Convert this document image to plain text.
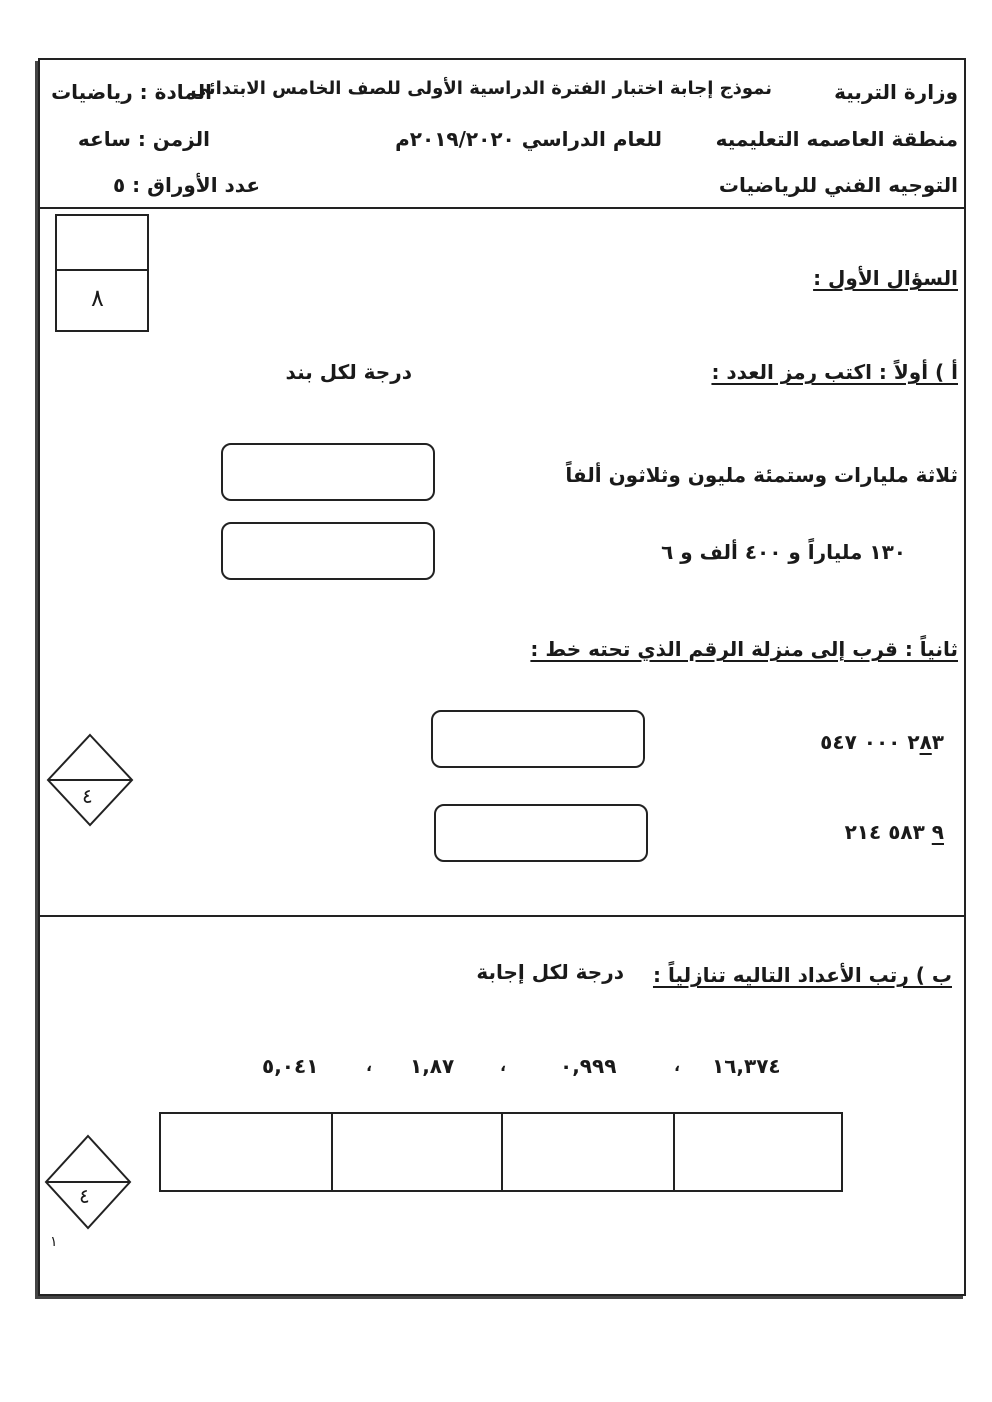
وزارة التربية
نموذج إجابة اختبار الفترة الدراسية الأولى للصف الخامس الابتدائي
المادة : رياضيات
منطقة العاصمه التعليميه
للعام الدراسي ٢٠١٩/٢٠٢٠م
الزمن : ساعه
التوجيه الفني للرياضيات
عدد الأوراق : ٥
٨
السؤال الأول :
أ ) أولاً : اكتب رمز العدد :
درجة لكل بند
ثلاثة مليارات وستمئة مليون وثلاثون ألفاً
١٣٠ ملياراً و ٤٠٠ ألف و ٦
ثانياً : قرب إلى منزلة الرقم الذي تحته خط :
٢٨٣ ٠٠٠ ٥٤٧
٩ ٥٨٣ ٢١٤
٤
ب ) رتب الأعداد التاليه تنازلياً :
درجة لكل إجابة
١٦,٣٧٤
،
٠,٩٩٩
،
١,٨٧
،
٥,٠٤١
٤
١
